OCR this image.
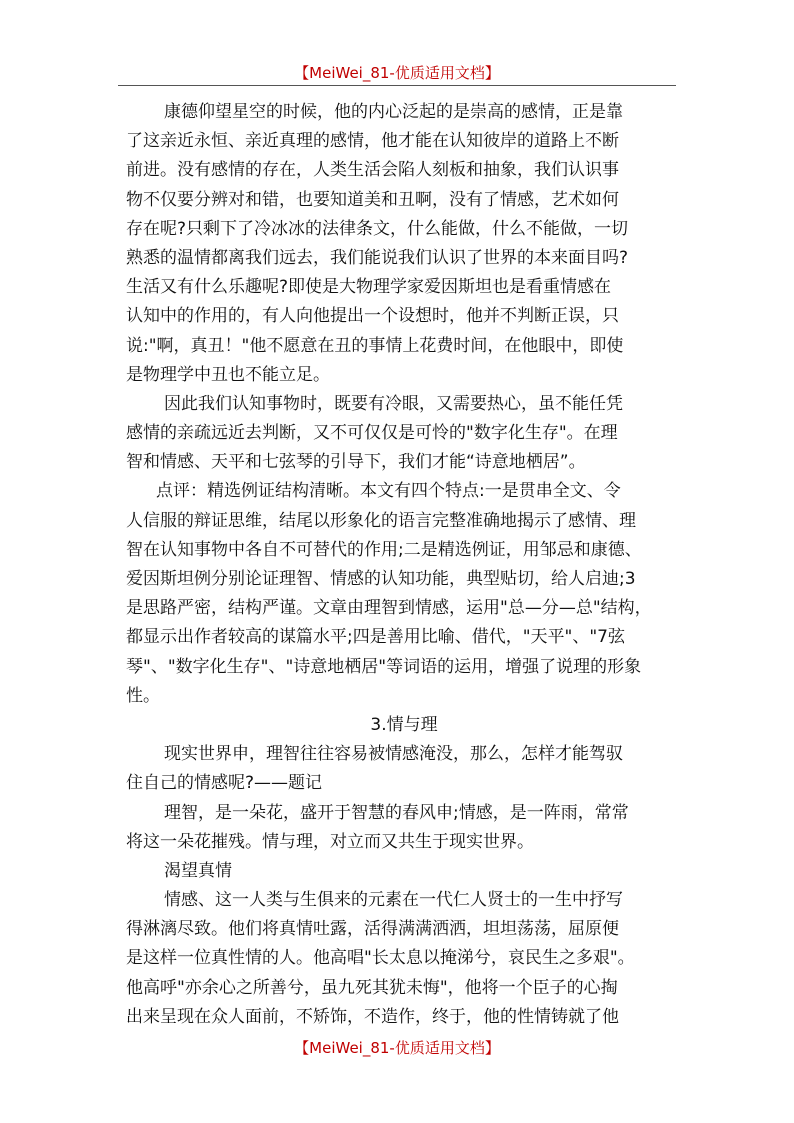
【MeiWei_81-优质适用文档】
康德仰望星空的时候，他的内心泛起的是崇高的感情，正是靠
了这亲近永恒、亲近真理的感情，他才能在认知彼岸的道路上不断
前进。没有感情的存在，人类生活会陷人刻板和抽象，我们认识事
物不仅要分辨对和错，也要知道美和丑啊，没有了情感，艺术如何
存在呢?只剩下了冷冰冰的法律条文，什么能做，什么不能做，一切
熟悉的温情都离我们远去，我们能说我们认识了世界的本来面目吗?
生活又有什么乐趣呢?即使是大物理学家爱因斯坦也是看重情感在
认知中的作用的，有人向他提出一个设想时，他并不判断正误，只
说:"啊，真丑！"他不愿意在丑的事情上花费时间，在他眼中，即使
是物理学中丑也不能立足。
因此我们认知事物时，既要有冷眼，又需要热心，虽不能任凭
感情的亲疏远近去判断，又不可仅仅是可怜的"数字化生存"。在理
智和情感、天平和七弦琴的引导下，我们才能“诗意地栖居”。
点评：精选例证结构清晰。本文有四个特点:一是贯串全文、令
人信服的辩证思维，结尾以形象化的语言完整准确地揭示了感情、理
智在认知事物中各自不可替代的作用;二是精选例证，用邹忌和康德、
爱因斯坦例分别论证理智、情感的认知功能，典型贴切，给人启迪;3
是思路严密，结构严谨。文章由理智到情感，运用"总—分—总"结构，
都显示出作者较高的谋篇水平;四是善用比喻、借代，"天平"、"7弦
琴"、"数字化生存"、"诗意地栖居"等词语的运用，增强了说理的形象
性。
3.情与理
现实世界申，理智往往容易被情感淹没，那么，怎样才能驾驭
住自己的情感呢?——题记
理智，是一朵花，盛开于智慧的春风申;情感，是一阵雨，常常
将这一朵花摧残。情与理，对立而又共生于现实世界。
渴望真情
情感、这一人类与生俱来的元素在一代仁人贤士的一生中抒写
得淋漓尽致。他们将真情吐露，活得满满洒洒，坦坦荡荡，屈原便
是这样一位真性情的人。他高唱"长太息以掩涕兮，哀民生之多艰"。
他高呼"亦余心之所善兮，虽九死其犹未悔"，他将一个臣子的心掏
出来呈现在众人面前，不矫饰，不造作，终于，他的性情铸就了他
【MeiWei_81-优质适用文档】
